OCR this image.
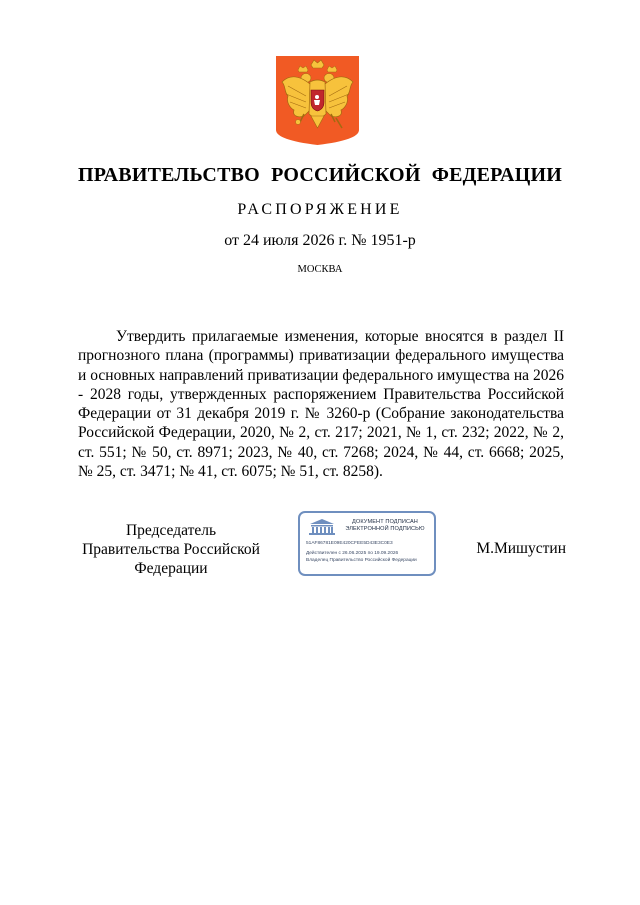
ПРАВИТЕЛЬСТВО РОССИЙСКОЙ ФЕДЕРАЦИИ
РАСПОРЯЖЕНИЕ
от 24 июля 2026 г. № 1951-р
МОСКВА
Утвердить прилагаемые изменения, которые вносятся в раздел II прогнозного плана (программы) приватизации федерального имущества и основных направлений приватизации федерального имущества на 2026 - 2028 годы, утвержденных распоряжением Правительства Российской Федерации от 31 декабря 2019 г. № 3260-р (Собрание законодательства Российской Федерации, 2020, № 2, ст. 217; 2021, № 1, ст. 232; 2022, № 2, ст. 551; № 50, ст. 8971; 2023, № 40, ст. 7268; 2024, № 44, ст. 6668; 2025, № 25, ст. 3471; № 41, ст. 6075; № 51, ст. 8258).
Председатель Правительства Российской Федерации
ДОКУМЕНТ ПОДПИСАН ЭЛЕКТРОННОЙ ПОДПИСЬЮ
51AF86781E09E420CFEE5D43E3C0E3
Действителен с 26.06.2025 по 19.09.2026
Владелец Правительство Российской Федерации
М.Мишустин
